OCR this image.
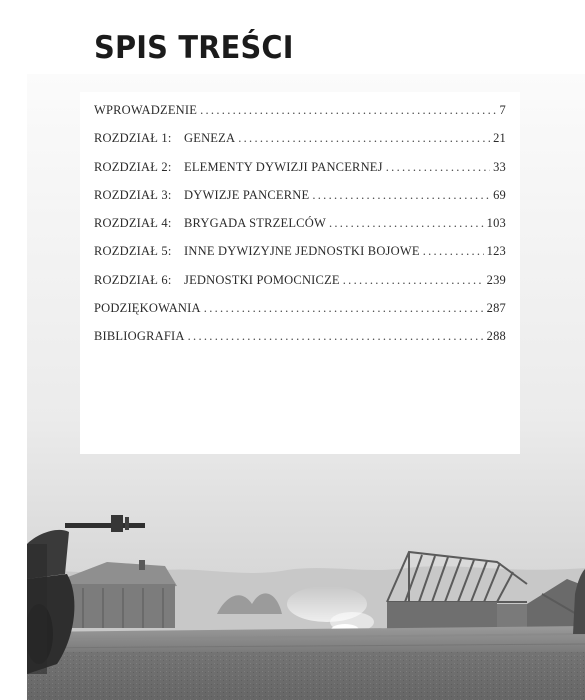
SPIS TREŚCI
WPROWADZENIE .....	7
ROZDZIAŁ 1: GENEZA .....	21
ROZDZIAŁ 2: ELEMENTY DYWIZJI PANCERNEJ .....	33
ROZDZIAŁ 3: DYWIZJE PANCERNE .....	69
ROZDZIAŁ 4: BRYGADA STRZELCÓW .....	103
ROZDZIAŁ 5: INNE DYWIZYJNE JEDNOSTKI BOJOWE .....	123
ROZDZIAŁ 6: JEDNOSTKI POMOCNICZE .....	239
PODZIĘKOWANIA .....	287
BIBLIOGRAFIA .....	288
